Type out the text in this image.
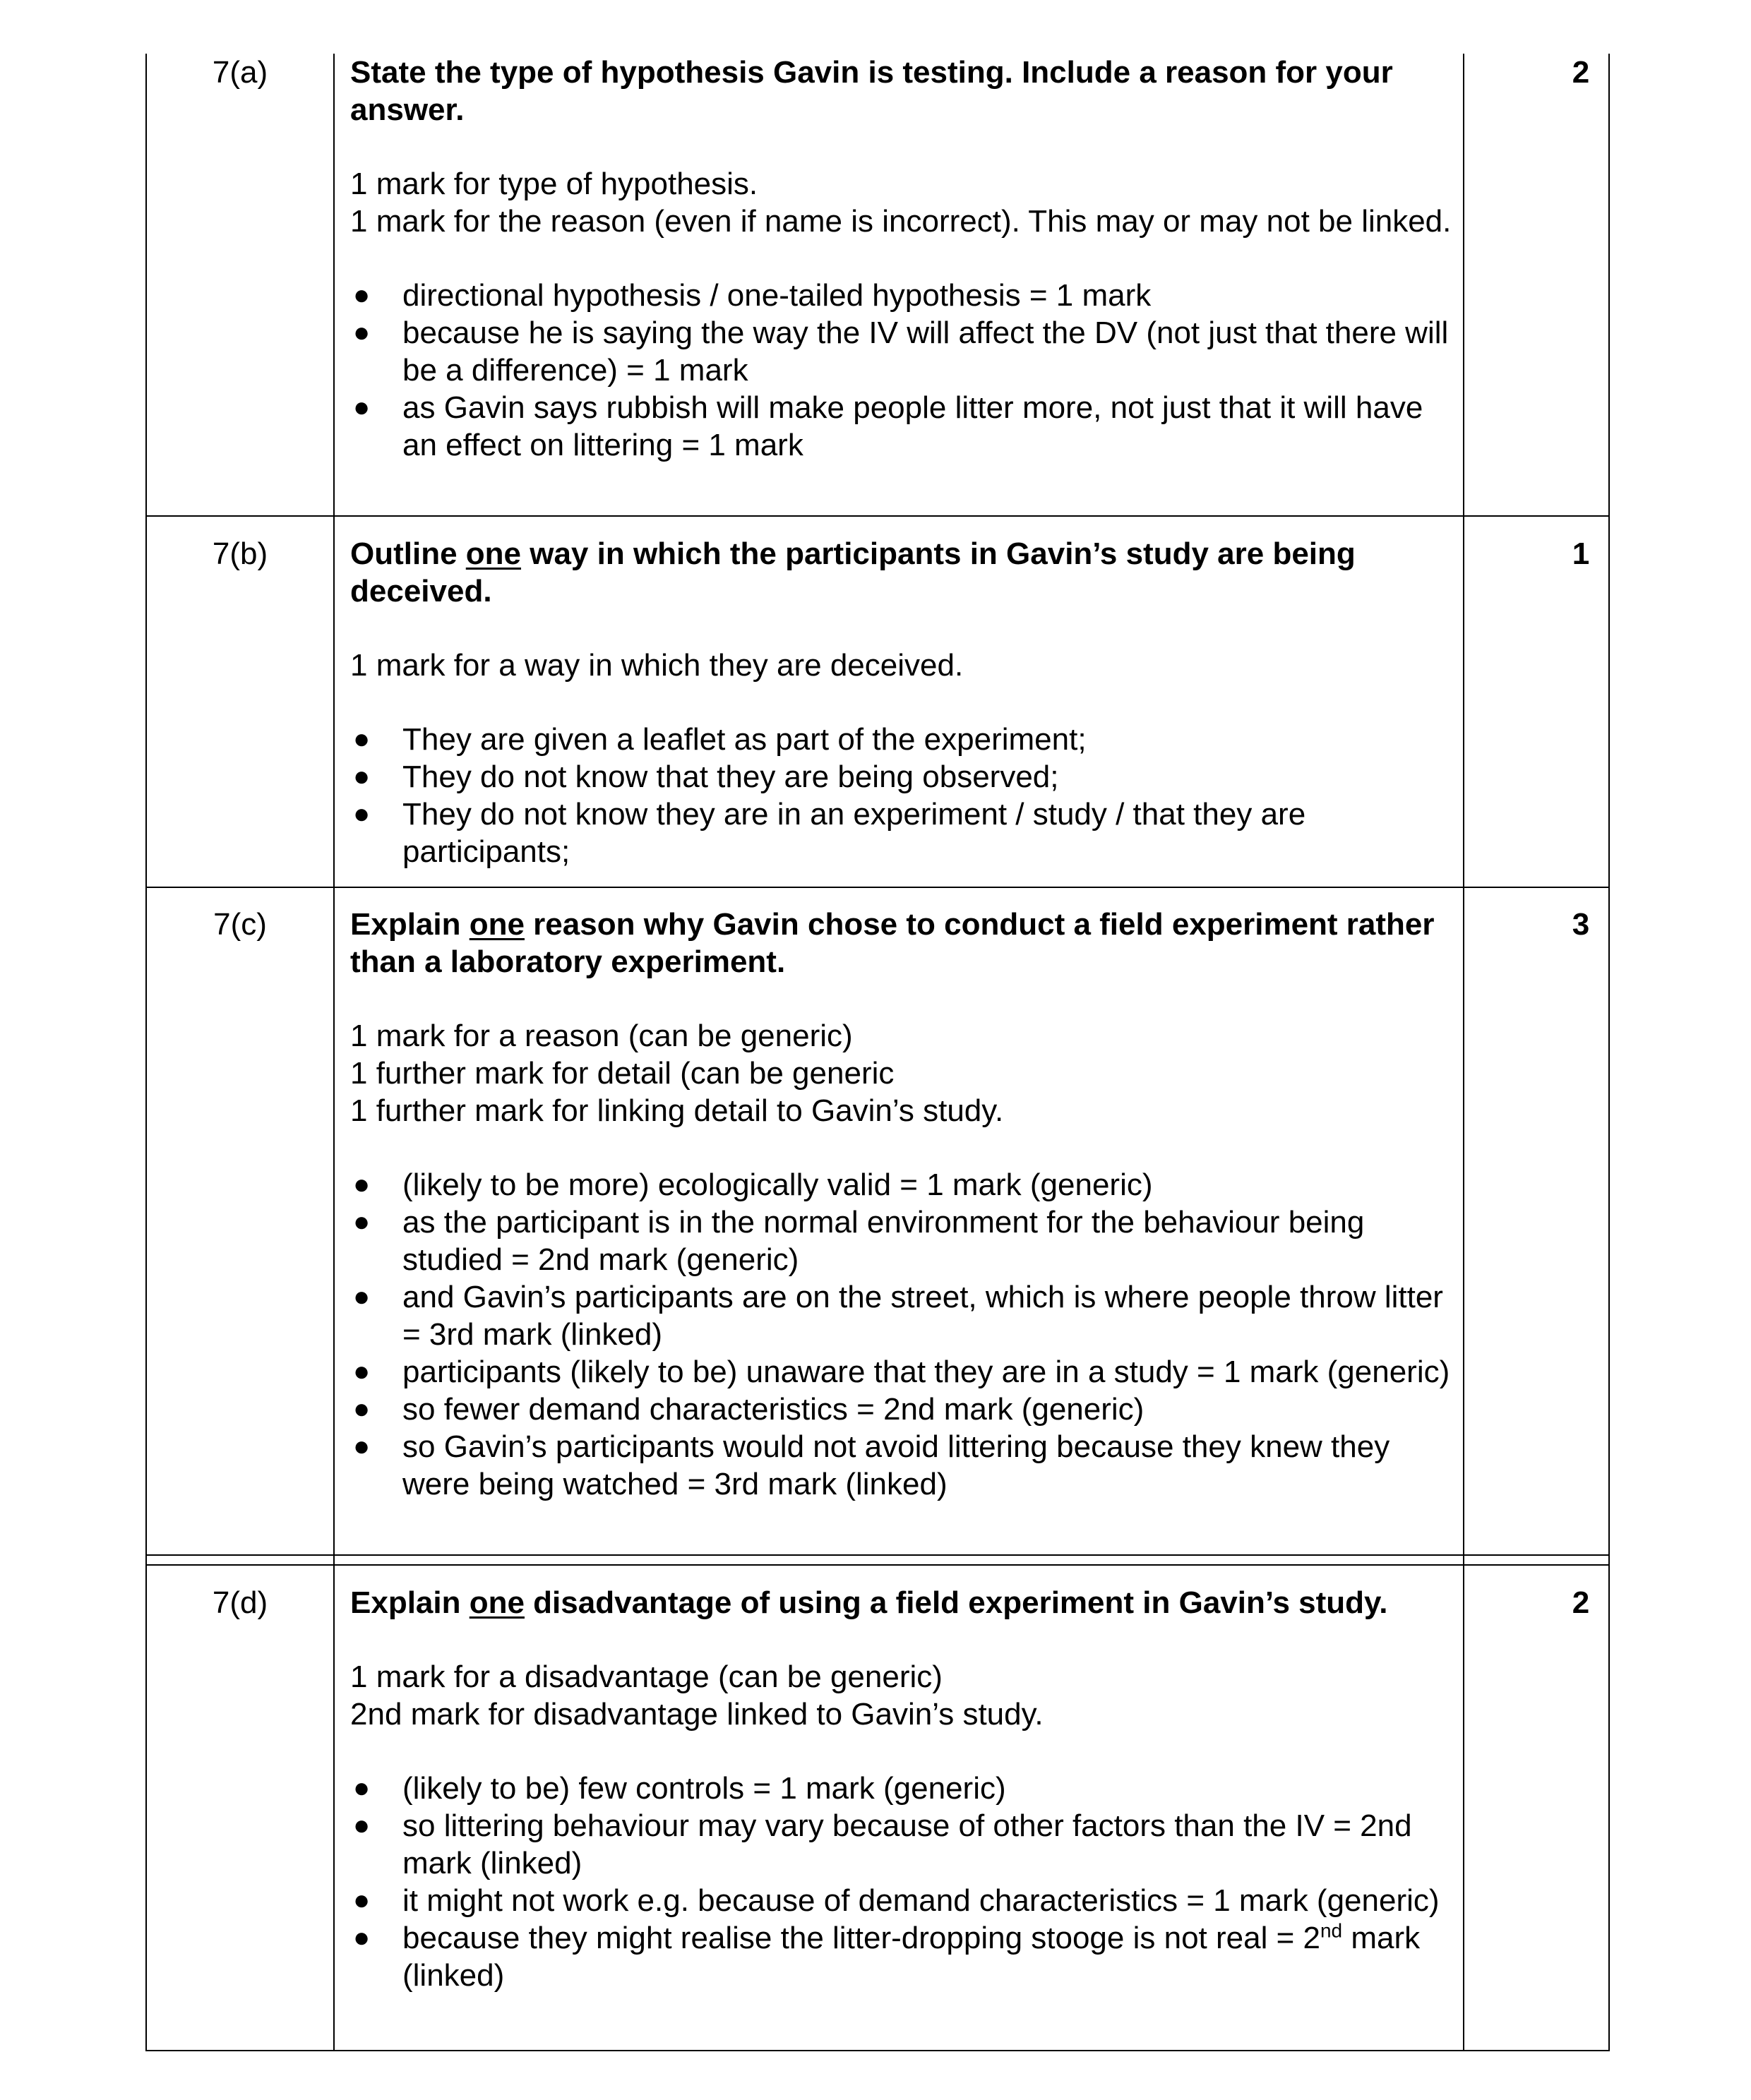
7(a)	2

State the type of hypothesis Gavin is testing. Include a reason for your answer.

1 mark for type of hypothesis.
1 mark for the reason (even if name is incorrect). This may or may not be linked.
● directional hypothesis / one-tailed hypothesis = 1 mark
● because he is saying the way the IV will affect the DV (not just that there will be a difference) = 1 mark
● as Gavin says rubbish will make people litter more, not just that it will have an effect on littering = 1 mark
7(b)	1

Outline one way in which the participants in Gavin’s study are being deceived.

1 mark for a way in which they are deceived.
● They are given a leaflet as part of the experiment;
● They do not know that they are being observed;
● They do not know they are in an experiment / study / that they are participants;
7(c)	3

Explain one reason why Gavin chose to conduct a field experiment rather than a laboratory experiment.

1 mark for a reason (can be generic)
1 further mark for detail (can be generic
1 further mark for linking detail to Gavin’s study.
● (likely to be more) ecologically valid = 1 mark (generic)
● as the participant is in the normal environment for the behaviour being studied = 2nd mark (generic)
● and Gavin’s participants are on the street, which is where people throw litter = 3rd mark (linked)
● participants (likely to be) unaware that they are in a study = 1 mark (generic)
● so fewer demand characteristics = 2nd mark (generic)
● so Gavin’s participants would not avoid littering because they knew they were being watched = 3rd mark (linked)
7(d)	2

Explain one disadvantage of using a field experiment in Gavin’s study.

1 mark for a disadvantage (can be generic)
2nd mark for disadvantage linked to Gavin’s study.
● (likely to be) few controls = 1 mark (generic)
● so littering behaviour may vary because of other factors than the IV = 2nd mark (linked)
● it might not work e.g. because of demand characteristics = 1 mark (generic)
● because they might realise the litter-dropping stooge is not real = 2nd mark (linked)
